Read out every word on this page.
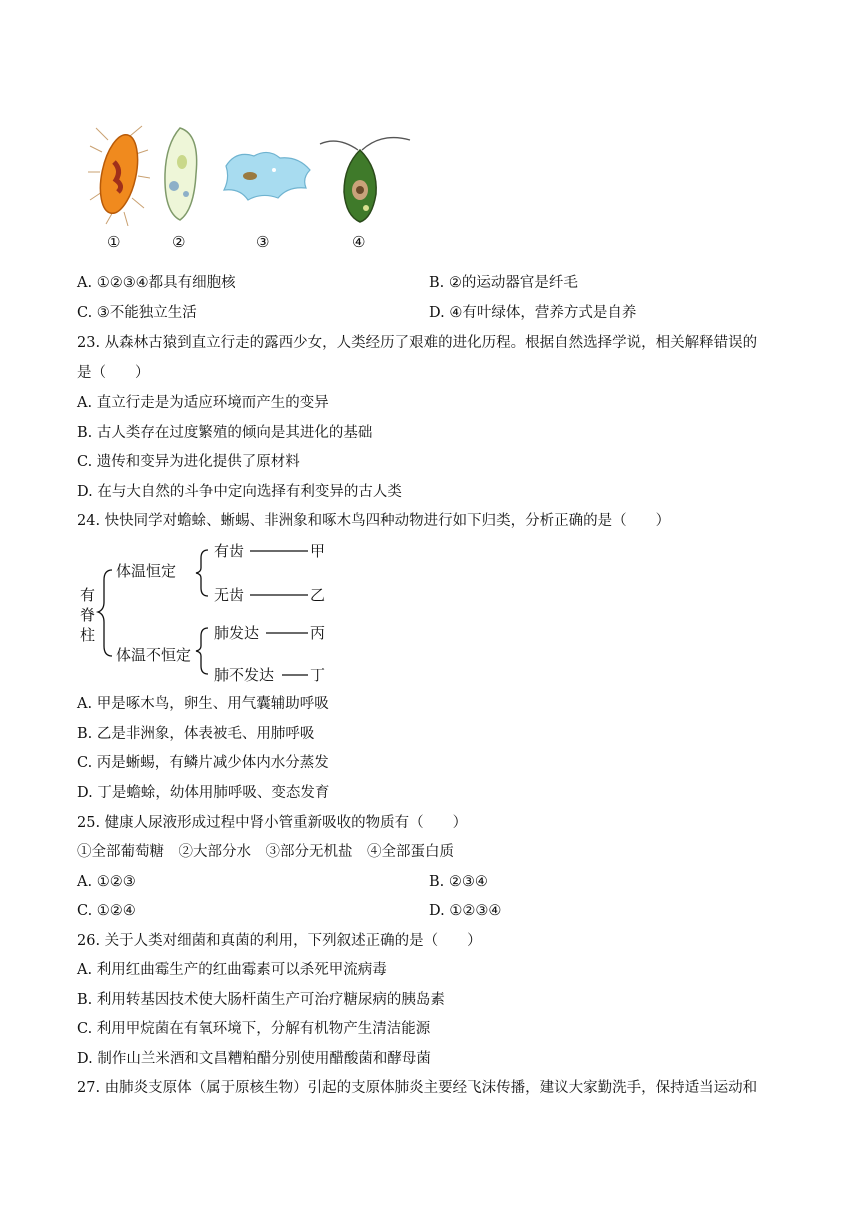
①	②	③	④
A. ①②③④都具有细胞核	B. ②的运动器官是纤毛
C. ③不能独立生活	D. ④有叶绿体，营养方式是自养
23. 从森林古猿到直立行走的露西少女，人类经历了艰难的进化历程。根据自然选择学说，相关解释错误的
是（　　）
A. 直立行走是为适应环境而产生的变异
B. 古人类存在过度繁殖的倾向是其进化的基础
C. 遗传和变异为进化提供了原材料
D. 在与大自然的斗争中定向选择有利变异的古人类
24. 快快同学对蟾蜍、蜥蜴、非洲象和啄木鸟四种动物进行如下归类，分析正确的是（　　）
有
脊
柱
体温恒定
体温不恒定
有齿
无齿
肺发达
肺不发达
甲
乙
丙
丁
A. 甲是啄木鸟，卵生、用气囊辅助呼吸
B. 乙是非洲象，体表被毛、用肺呼吸
C. 丙是蜥蜴，有鳞片减少体内水分蒸发
D. 丁是蟾蜍，幼体用肺呼吸、变态发育
25. 健康人尿液形成过程中肾小管重新吸收的物质有（　　）
①全部葡萄糖　②大部分水　③部分无机盐　④全部蛋白质
A. ①②③	B. ②③④
C. ①②④	D. ①②③④
26. 关于人类对细菌和真菌的利用，下列叙述正确的是（　　）
A. 利用红曲霉生产的红曲霉素可以杀死甲流病毒
B. 利用转基因技术使大肠杆菌生产可治疗糖尿病的胰岛素
C. 利用甲烷菌在有氧环境下，分解有机物产生清洁能源
D. 制作山兰米酒和文昌糟粕醋分别使用醋酸菌和酵母菌
27. 由肺炎支原体（属于原核生物）引起的支原体肺炎主要经飞沫传播，建议大家勤洗手，保持适当运动和
